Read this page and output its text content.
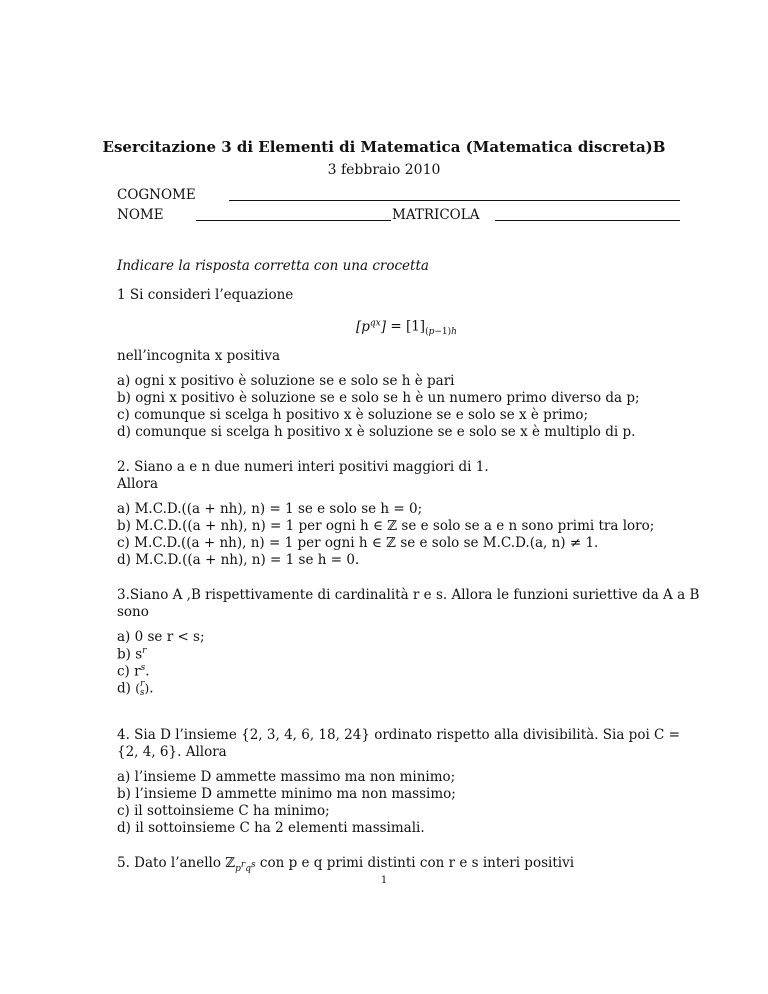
Esercitazione 3 di Elementi di Matematica (Matematica discreta)B
3 febbraio 2010
COGNOME
NOME	MATRICOLA
Indicare la risposta corretta con una crocetta
1 Si consideri l’equazione
$[p^{qx}] = [1]_{(p-1)h}$
nell’incognita x positiva
a) ogni x positivo è soluzione se e solo se h è pari
b) ogni x positivo è soluzione se e solo se h è un numero primo diverso da p;
c) comunque si scelga h positivo x è soluzione se e solo se x è primo;
d) comunque si scelga h positivo x è soluzione se e solo se x è multiplo di p.
2. Siano a e n due numeri interi positivi maggiori di 1.
Allora
a) M.C.D.((a + nh), n) = 1 se e solo se h = 0;
b) M.C.D.((a + nh), n) = 1 per ogni h ∈ ℤ se e solo se a e n sono primi tra loro;
c) M.C.D.((a + nh), n) = 1 per ogni h ∈ ℤ se e solo se M.C.D.(a, n) ≠ 1.
d) M.C.D.((a + nh), n) = 1 se h = 0.
3.Siano A ,B rispettivamente di cardinalità r e s. Allora le funzioni suriettive da A a B
sono
a) 0 se r < s;
b) $s^r$
c) $r^s$.
d) (r
s).
4. Sia D l’insieme {2, 3, 4, 6, 18, 24} ordinato rispetto alla divisibilità. Sia poi C =
{2, 4, 6}. Allora
a) l’insieme D ammette massimo ma non minimo;
b) l’insieme D ammette minimo ma non massimo;
c) il sottoinsieme C ha minimo;
d) il sottoinsieme C ha 2 elementi massimali.
5. Dato l’anello ℤ$_{p^rq^s}$ con p e q primi distinti con r e s interi positivi
1
